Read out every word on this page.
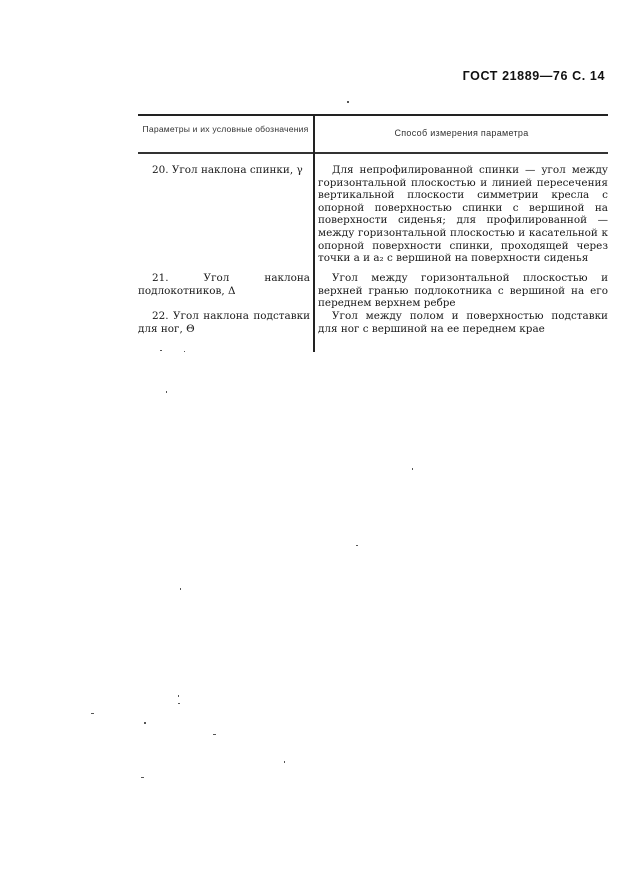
ГОСТ 21889—76 С. 14
Параметры и их условные обозначения	Способ измерения параметра
20. Угол наклона спинки, γ	Для непрофилированной спинки — угол между горизонтальной плоскостью и линией пересечения вертикальной плоскости симметрии кресла с опорной поверхностью спинки с вершиной на поверхности сиденья; для профилированной — между горизонтальной плоскостью и касательной к опорной поверхности спинки, проходящей через точки a и a₂ с вершиной на поверхности сиденья
21. Угол наклона подлокотников, Δ
Угол между горизонтальной плоскостью и верхней гранью подлокотника с вершиной на его переднем верхнем ребре
22. Угол наклона подставки для ног, Θ
Угол между полом и поверхностью подставки для ног с вершиной на ее переднем крае
